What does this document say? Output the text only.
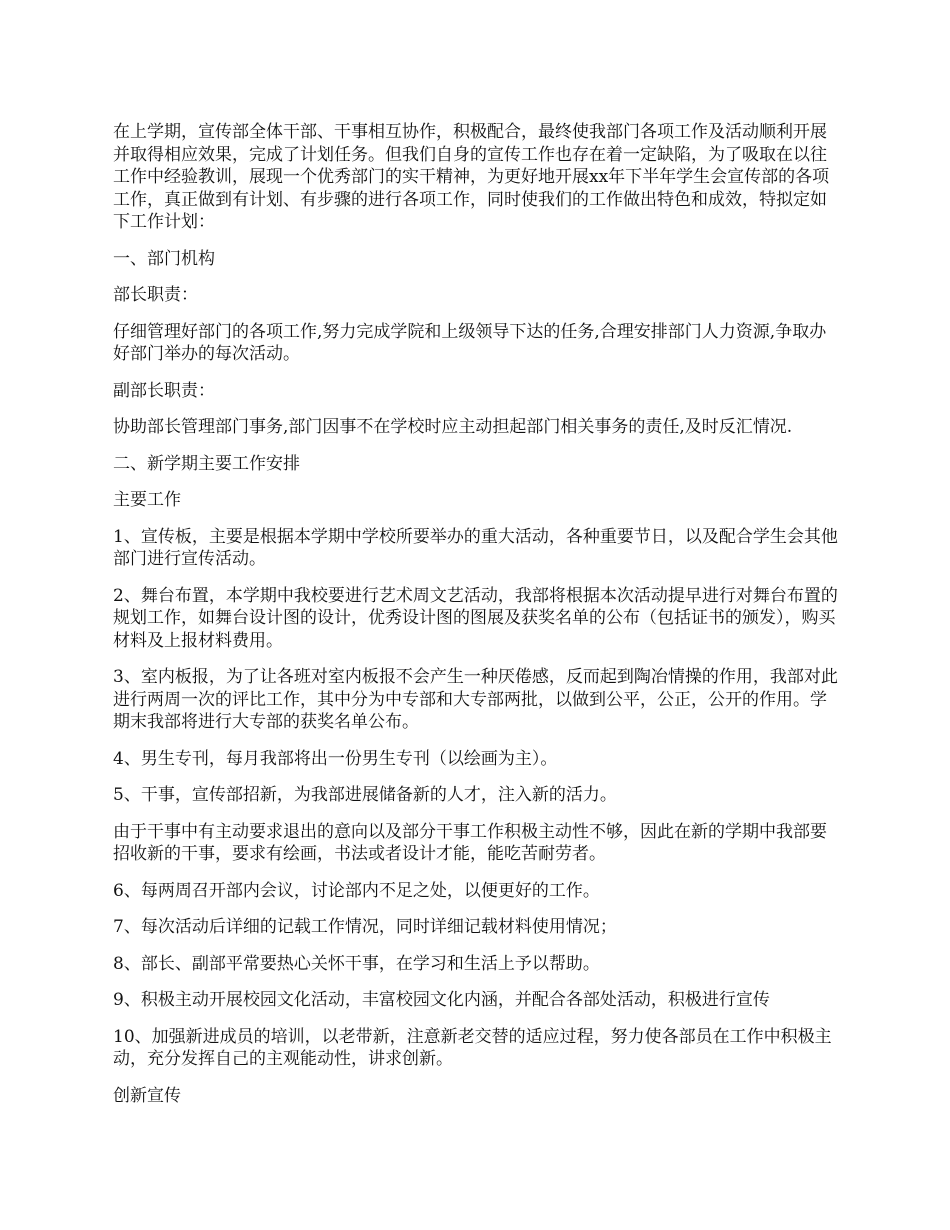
在上学期，宣传部全体干部、干事相互协作，积极配合，最终使我部门各项工作及活动顺利开展并取得相应效果，完成了计划任务。但我们自身的宣传工作也存在着一定缺陷，为了吸取在以往工作中经验教训，展现一个优秀部门的实干精神，为更好地开展xx年下半年学生会宣传部的各项工作，真正做到有计划、有步骤的进行各项工作，同时使我们的工作做出特色和成效，特拟定如下工作计划：

一、部门机构

部长职责：

仔细管理好部门的各项工作,努力完成学院和上级领导下达的任务,合理安排部门人力资源,争取办好部门举办的每次活动。

副部长职责：

协助部长管理部门事务,部门因事不在学校时应主动担起部门相关事务的责任,及时反汇情况.

二、新学期主要工作安排

主要工作

1、宣传板，主要是根据本学期中学校所要举办的重大活动，各种重要节日，以及配合学生会其他部门进行宣传活动。

2、舞台布置，本学期中我校要进行艺术周文艺活动，我部将根据本次活动提早进行对舞台布置的规划工作，如舞台设计图的设计，优秀设计图的图展及获奖名单的公布（包括证书的颁发），购买材料及上报材料费用。

3、室内板报，为了让各班对室内板报不会产生一种厌倦感，反而起到陶冶情操的作用，我部对此进行两周一次的评比工作，其中分为中专部和大专部两批，以做到公平，公正，公开的作用。学期末我部将进行大专部的获奖名单公布。

4、男生专刊，每月我部将出一份男生专刊（以绘画为主）。

5、干事，宣传部招新，为我部进展储备新的人才，注入新的活力。

由于干事中有主动要求退出的意向以及部分干事工作积极主动性不够，因此在新的学期中我部要招收新的干事，要求有绘画，书法或者设计才能，能吃苦耐劳者。

6、每两周召开部内会议，讨论部内不足之处，以便更好的工作。

7、每次活动后详细的记载工作情况，同时详细记载材料使用情况；

8、部长、副部平常要热心关怀干事，在学习和生活上予以帮助。

9、积极主动开展校园文化活动，丰富校园文化内涵，并配合各部处活动，积极进行宣传

10、加强新进成员的培训，以老带新，注意新老交替的适应过程，努力使各部员在工作中积极主动，充分发挥自己的主观能动性，讲求创新。

创新宣传
